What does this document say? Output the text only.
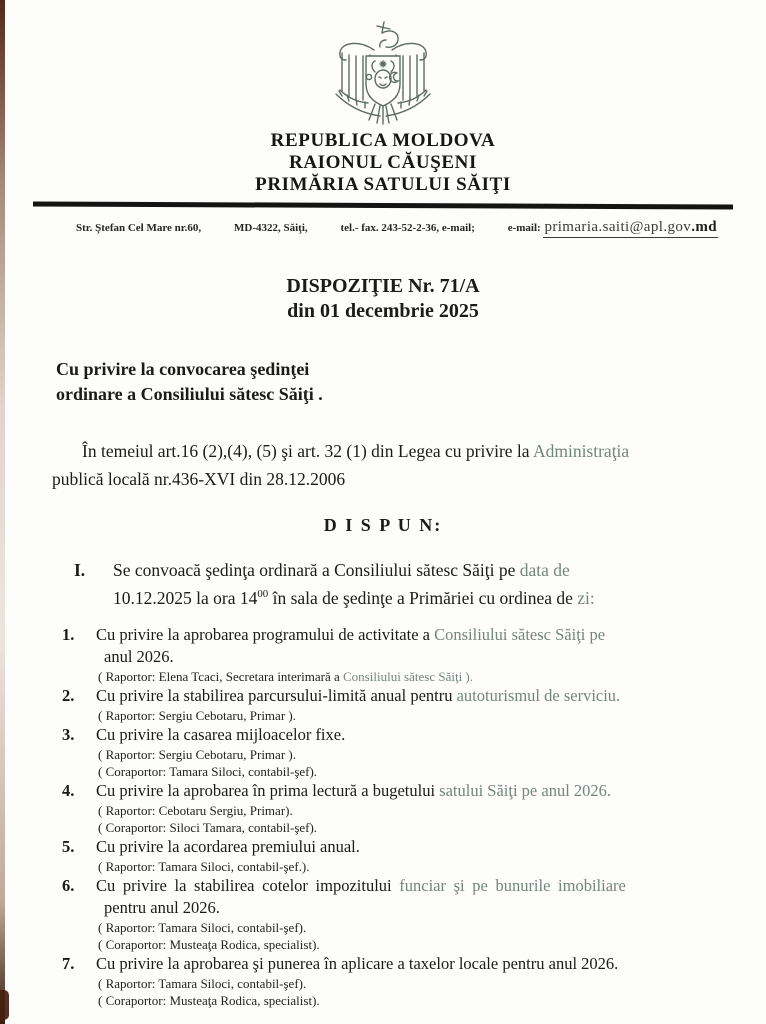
REPUBLICA MOLDOVA
RAIONUL CĂUŞENI
PRIMĂRIA SATULUI SĂIŢI
Str. Ştefan Cel Mare nr.60,	MD-4322, Săiţi,	tel.- fax. 243-52-2-36, e-mail;	e-mail:
primaria.saiti@apl.gov.md
DISPOZIŢIE Nr. 71/A
din 01 decembrie 2025
Cu privire la convocarea şedinţei
ordinare a Consiliului sătesc Săiţi .
În temeiul art.16 (2),(4), (5) şi art. 32 (1) din Legea cu privire la Administraţia
publică locală nr.436-XVI din 28.12.2006
D I S P U N:
I.	Se convoacă şedinţa ordinară a Consiliului sătesc Săiţi pe data de
10.12.2025 la ora $14^{00}$ în sala de şedinţe a Primăriei cu ordinea de zi:
1.	Cu privire la aprobarea programului de activitate a Consiliului sătesc Săiţi pe
anul 2026.
( Raportor: Elena Tcaci, Secretara interimară a Consiliului sătesc Săiţi ).
2.	Cu privire la stabilirea parcursului-limită anual pentru autoturismul de serviciu.
( Raportor: Sergiu Cebotaru, Primar ).
3.	Cu privire la casarea mijloacelor fixe.
( Raportor: Sergiu Cebotaru, Primar ).
( Coraportor: Tamara Siloci, contabil-şef).
4.	Cu privire la aprobarea în prima lectură a bugetului satului Săiţi pe anul 2026.
( Raportor: Cebotaru Sergiu, Primar).
( Coraportor: Siloci Tamara, contabil-şef).
5.	Cu privire la acordarea premiului anual.
( Raportor: Tamara Siloci, contabil-şef.).
6.	Cu privire la stabilirea cotelor impozitului funciar şi pe bunurile imobiliare
pentru anul 2026.
( Raportor: Tamara Siloci, contabil-şef).
( Coraportor: Musteaţa Rodica, specialist).
7.	Cu privire la aprobarea şi punerea în aplicare a taxelor locale pentru anul 2026.
( Raportor: Tamara Siloci, contabil-şef).
( Coraportor: Musteaţa Rodica, specialist).
